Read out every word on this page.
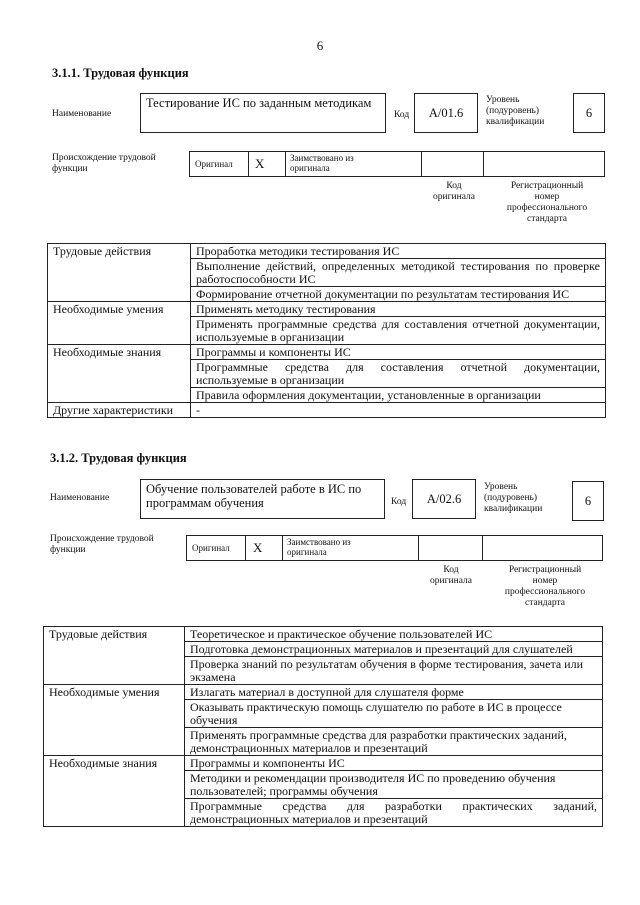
6
3.1.1. Трудовая функция
Наименование
Тестирование ИС по заданным методикам
Код	А/01.6
Уровень
(подуровень)
квалификации
6
Происхождение трудовой
функции	Оригинал X	Заимствовано из
оригинала
Код
оригинала
Регистрационный
номер
профессионального
стандарта
Трудовые действия	Проработка методики тестирования ИС
	Выполнение действий, определенных методикой тестирования по проверке работоспособности ИС
	Формирование отчетной документации по результатам тестирования ИС
Необходимые умения	Применять методику тестирования
	Применять программные средства для составления отчетной документации, используемые в организации
Необходимые знания	Программы и компоненты ИС
	Программные средства для составления отчетной документации, используемые в организации
	Правила оформления документации, установленные в организации
Другие характеристики	-
3.1.2. Трудовая функция
Наименование
Обучение пользователей работе в ИС по программам обучения	Код	А/02.6
Уровень
(подуровень)
квалификации
6
Происхождение трудовой
функции	Оригинал X	Заимствовано из
оригинала
Код
оригинала
Регистрационный
номер
профессионального
стандарта
Трудовые действия	Теоретическое и практическое обучение пользователей ИС
	Подготовка демонстрационных материалов и презентаций для слушателей
	Проверка знаний по результатам обучения в форме тестирования, зачета или экзамена
Необходимые умения	Излагать материал в доступной для слушателя форме
	Оказывать практическую помощь слушателю по работе в ИС в процессе обучения
	Применять программные средства для разработки практических заданий, демонстрационных материалов и презентаций
Необходимые знания	Программы и компоненты ИС
	Методики и рекомендации производителя ИС по проведению обучения пользователей; программы обучения
	Программные средства для разработки практических заданий, демонстрационных материалов и презентаций
